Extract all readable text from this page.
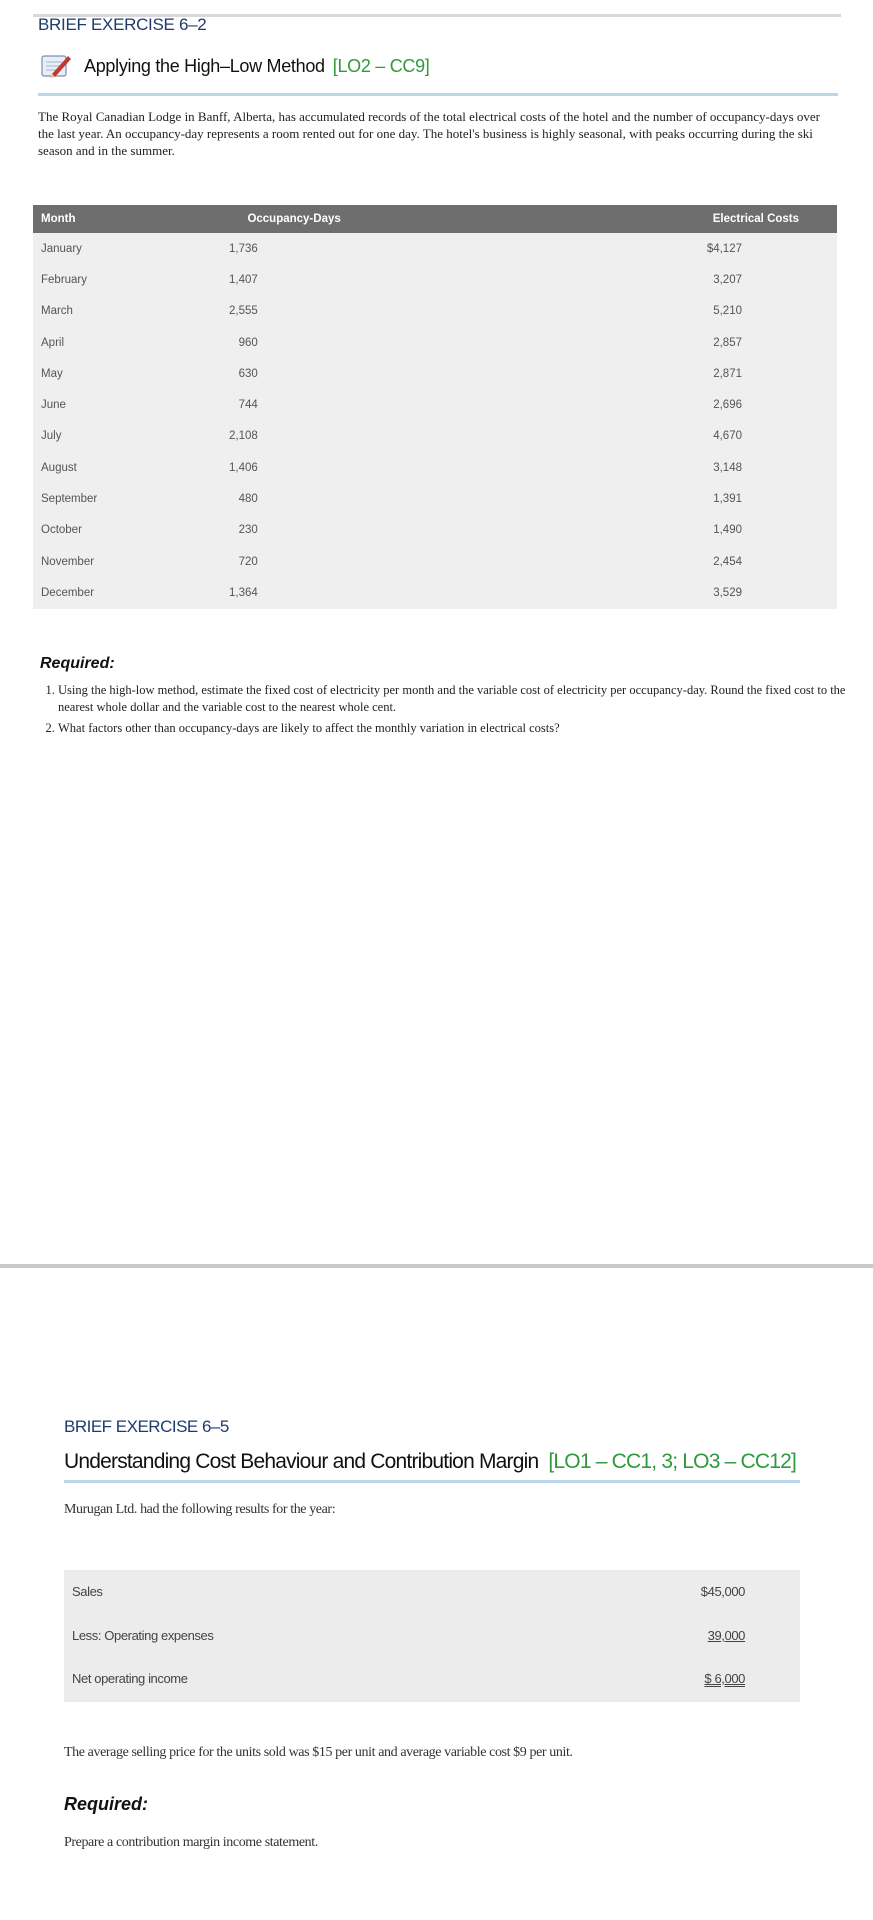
BRIEF EXERCISE 6–2
Applying the High–Low Method [LO2 – CC9]
The Royal Canadian Lodge in Banff, Alberta, has accumulated records of the total electrical costs of the hotel and the number of occupancy-days over the last year. An occupancy-day represents a room rented out for one day. The hotel's business is highly seasonal, with peaks occurring during the ski season and in the summer.
Month	Occupancy-Days	Electrical Costs
January	1,736	$4,127
February	1,407	3,207
March	2,555	5,210
April	960	2,857
May	630	2,871
June	744	2,696
July	2,108	4,670
August	1,406	3,148
September	480	1,391
October	230	1,490
November	720	2,454
December	1,364	3,529
Required:
1. Using the high-low method, estimate the fixed cost of electricity per month and the variable cost of electricity per occupancy-day. Round the fixed cost to the nearest whole dollar and the variable cost to the nearest whole cent.
2. What factors other than occupancy-days are likely to affect the monthly variation in electrical costs?
BRIEF EXERCISE 6–5
Understanding Cost Behaviour and Contribution Margin [LO1 – CC1, 3; LO3 – CC12]
Murugan Ltd. had the following results for the year:
Sales	$45,000
Less: Operating expenses	39,000
Net operating income	$ 6,000
The average selling price for the units sold was $15 per unit and average variable cost $9 per unit.
Required:
Prepare a contribution margin income statement.
